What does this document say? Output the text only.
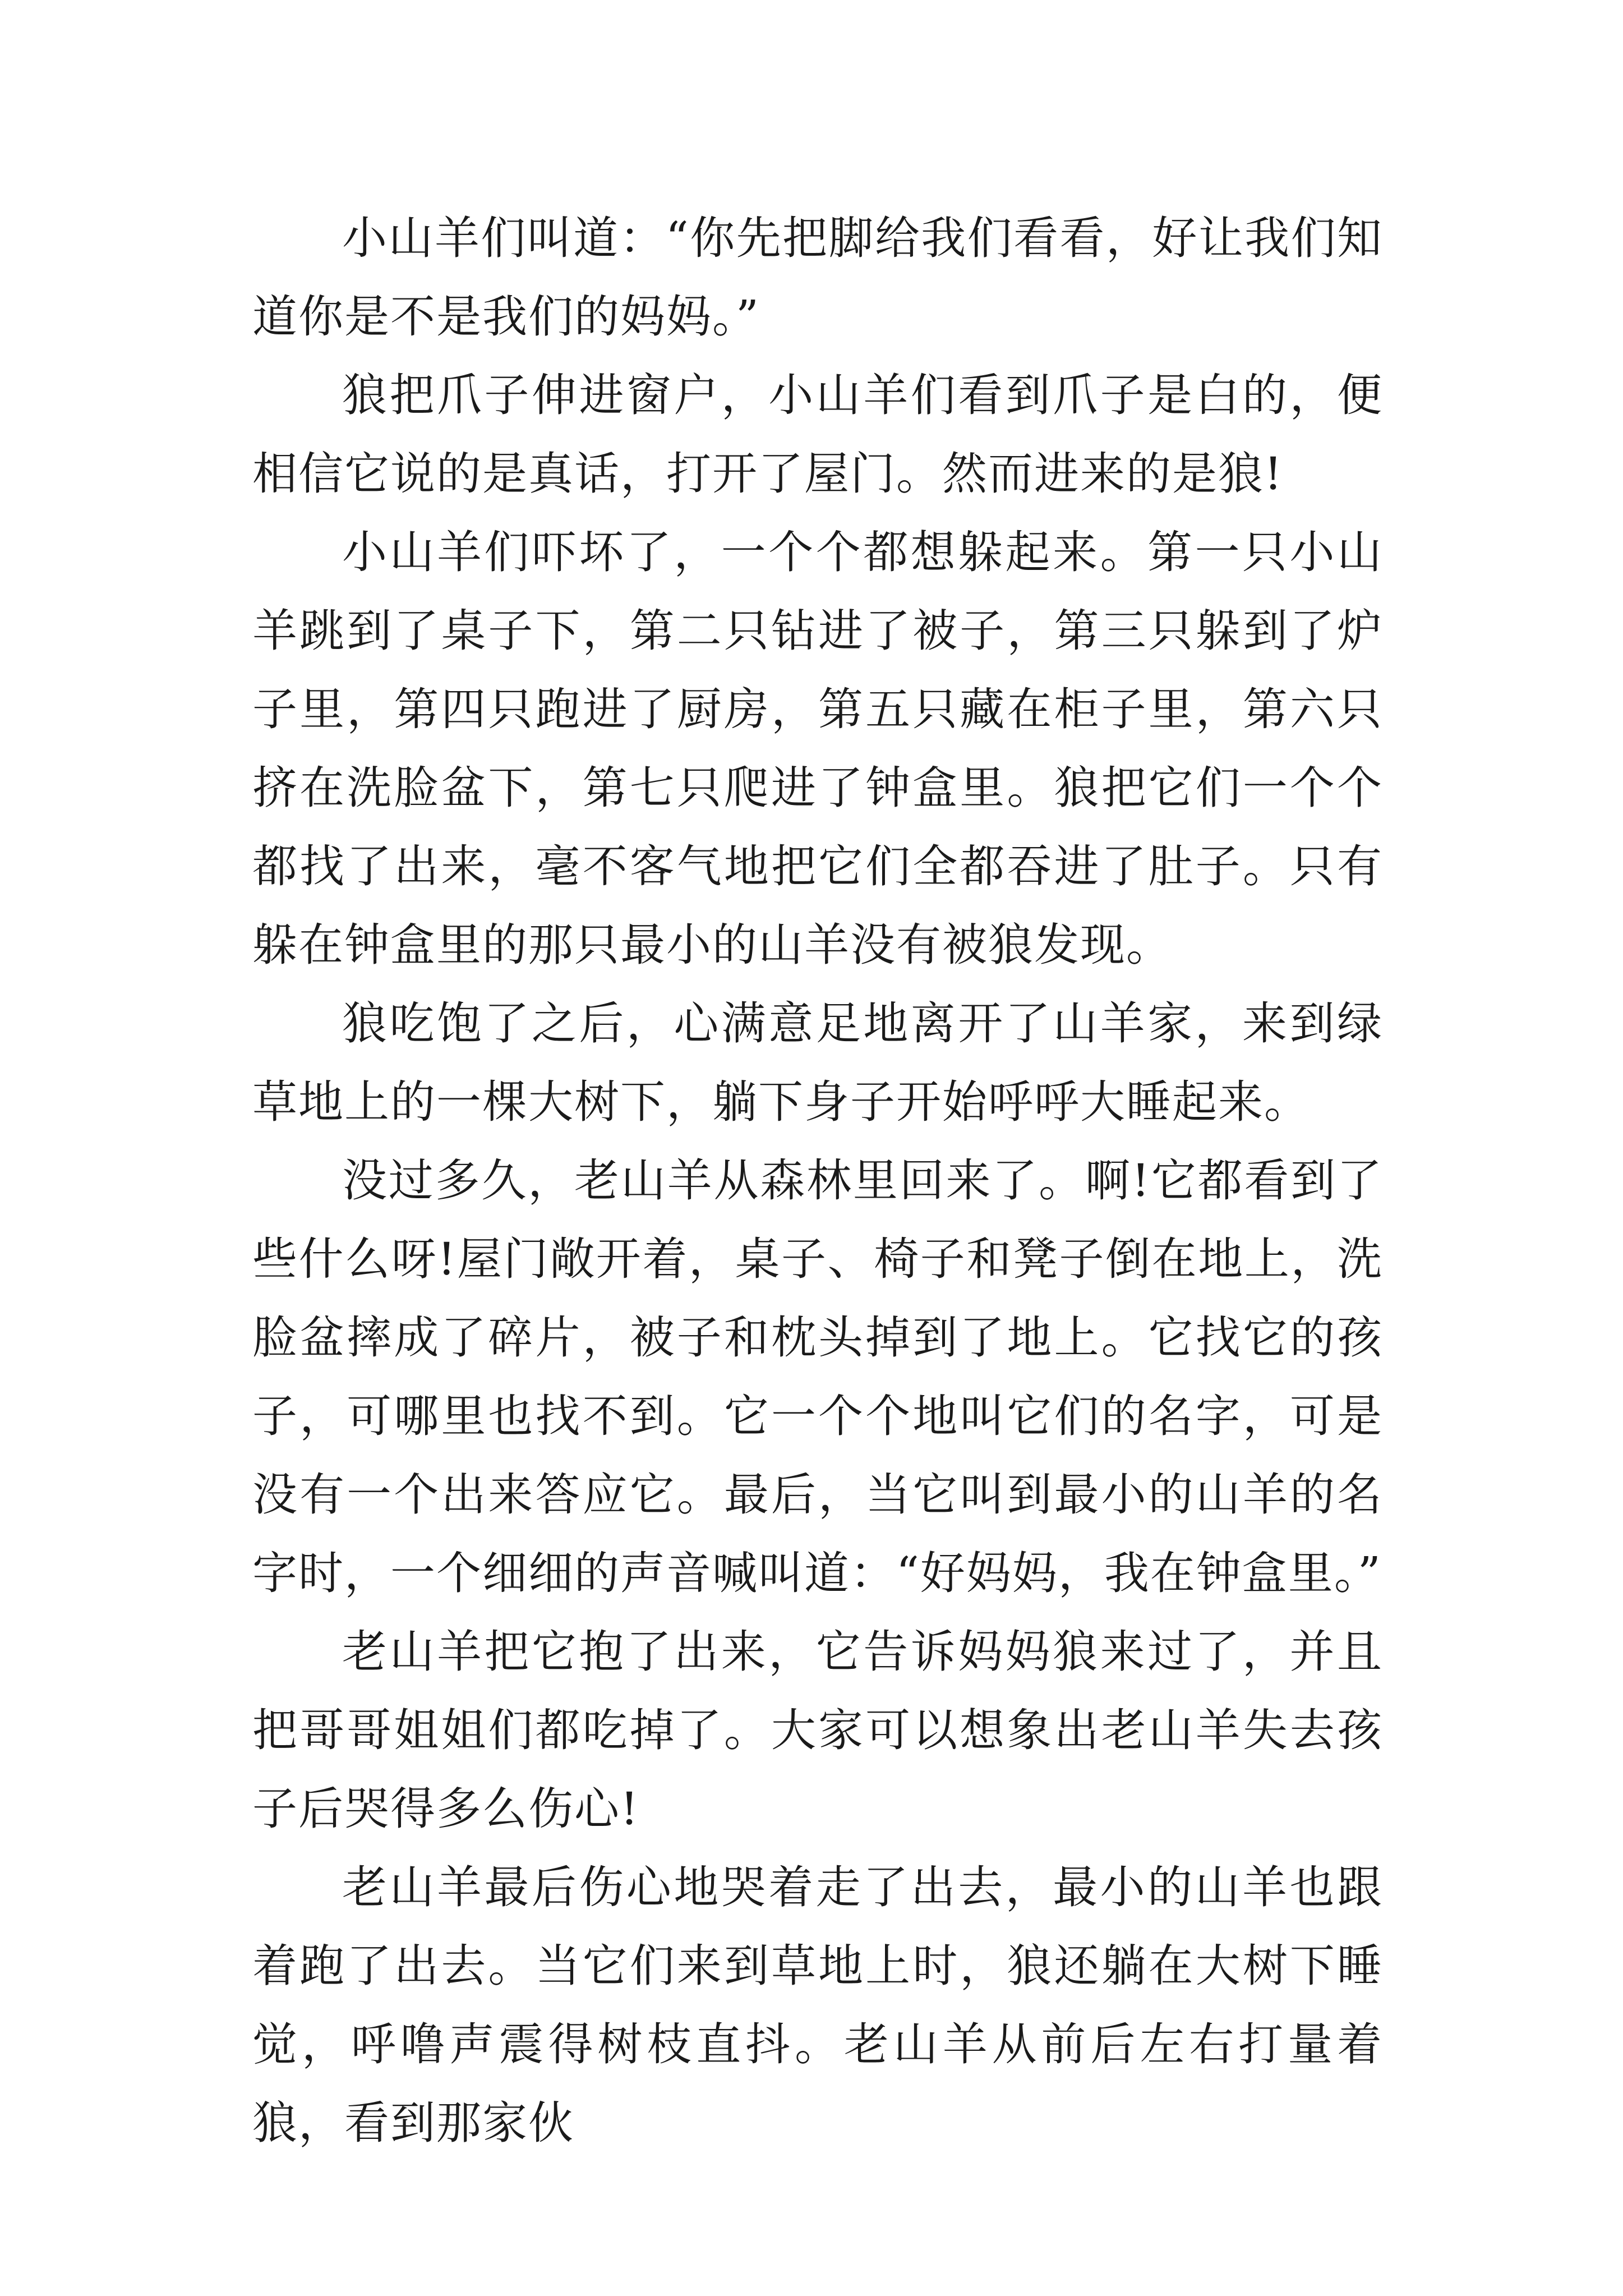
小山羊们叫道：“你先把脚给我们看看，好让我们知道你是不是我们的妈妈。”

狼把爪子伸进窗户，小山羊们看到爪子是白的，便相信它说的是真话，打开了屋门。然而进来的是狼!

小山羊们吓坏了，一个个都想躲起来。第一只小山羊跳到了桌子下，第二只钻进了被子，第三只躲到了炉子里，第四只跑进了厨房，第五只藏在柜子里，第六只挤在洗脸盆下，第七只爬进了钟盒里。狼把它们一个个都找了出来，毫不客气地把它们全都吞进了肚子。只有躲在钟盒里的那只最小的山羊没有被狼发现。

狼吃饱了之后，心满意足地离开了山羊家，来到绿草地上的一棵大树下，躺下身子开始呼呼大睡起来。

没过多久，老山羊从森林里回来了。啊!它都看到了些什么呀!屋门敞开着，桌子、椅子和凳子倒在地上，洗脸盆摔成了碎片，被子和枕头掉到了地上。它找它的孩子，可哪里也找不到。它一个个地叫它们的名字，可是没有一个出来答应它。最后，当它叫到最小的山羊的名字时，一个细细的声音喊叫道：“好妈妈，我在钟盒里。”

老山羊把它抱了出来，它告诉妈妈狼来过了，并且把哥哥姐姐们都吃掉了。大家可以想象出老山羊失去孩子后哭得多么伤心!

老山羊最后伤心地哭着走了出去，最小的山羊也跟着跑了出去。当它们来到草地上时，狼还躺在大树下睡觉，呼噜声震得树枝直抖。老山羊从前后左右打量着狼，看到那家伙
